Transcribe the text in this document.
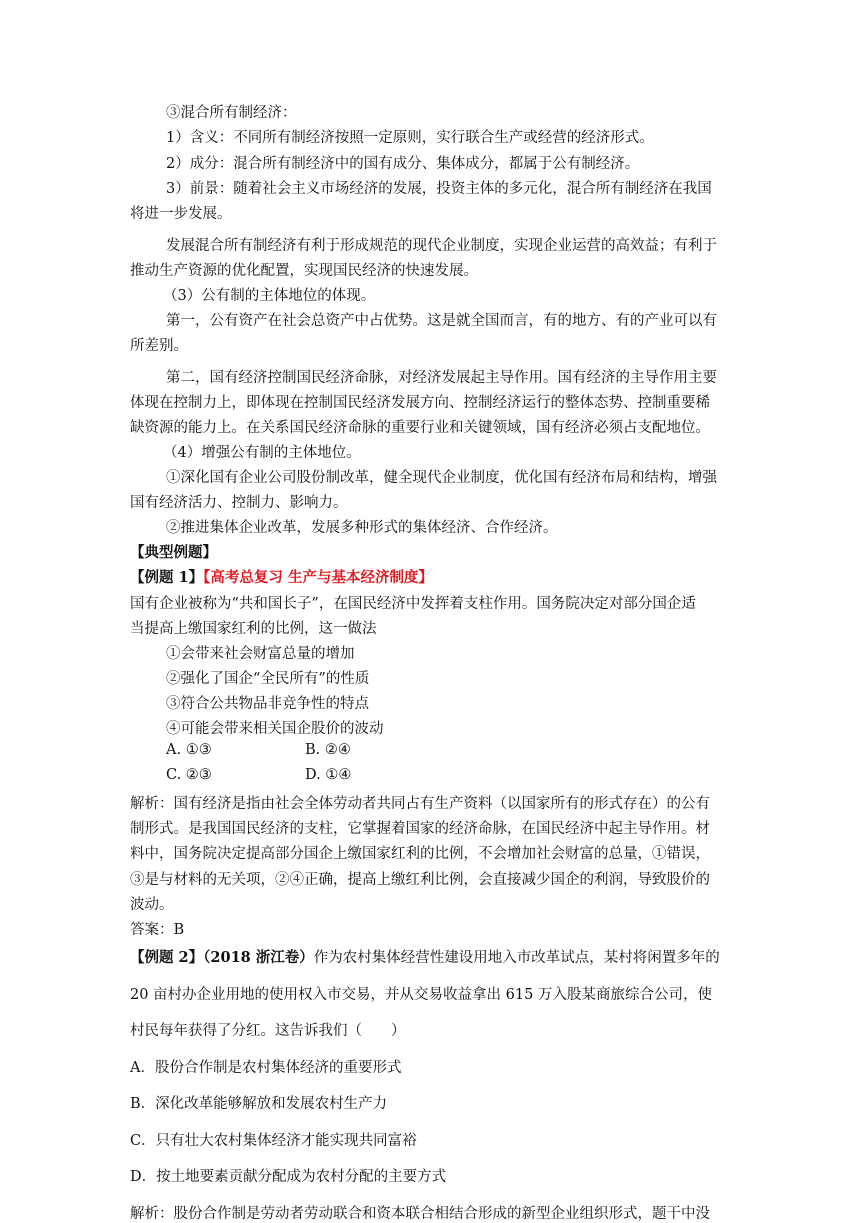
③混合所有制经济：
1）含义：不同所有制经济按照一定原则，实行联合生产或经营的经济形式。
2）成分：混合所有制经济中的国有成分、集体成分，都属于公有制经济。
3）前景：随着社会主义市场经济的发展，投资主体的多元化，混合所有制经济在我国
将进一步发展。
发展混合所有制经济有利于形成规范的现代企业制度，实现企业运营的高效益；有利于
推动生产资源的优化配置，实现国民经济的快速发展。
（3）公有制的主体地位的体现。
第一，公有资产在社会总资产中占优势。这是就全国而言，有的地方、有的产业可以有
所差别。
第二，国有经济控制国民经济命脉，对经济发展起主导作用。国有经济的主导作用主要
体现在控制力上，即体现在控制国民经济发展方向、控制经济运行的整体态势、控制重要稀
缺资源的能力上。在关系国民经济命脉的重要行业和关键领域，国有经济必须占支配地位。
（4）增强公有制的主体地位。
①深化国有企业公司股份制改革，健全现代企业制度，优化国有经济布局和结构，增强
国有经济活力、控制力、影响力。
②推进集体企业改革，发展多种形式的集体经济、合作经济。
【典型例题】
【例题 1】【高考总复习 生产与基本经济制度】
国有企业被称为“共和国长子”，在国民经济中发挥着支柱作用。国务院决定对部分国企适
当提高上缴国家红利的比例，这一做法
①会带来社会财富总量的增加
②强化了国企“全民所有”的性质
③符合公共物品非竞争性的特点
④可能会带来相关国企股价的波动
A. ①③	B. ②④
C. ②③	D. ①④
解析：国有经济是指由社会全体劳动者共同占有生产资料（以国家所有的形式存在）的公有
制形式。是我国国民经济的支柱，它掌握着国家的经济命脉，在国民经济中起主导作用。材
料中，国务院决定提高部分国企上缴国家红利的比例，不会增加社会财富的总量，①错误，
③是与材料的无关项，②④正确，提高上缴红利比例，会直接减少国企的利润，导致股价的
波动。
答案：B
【例题 2】（2018 浙江卷）作为农村集体经营性建设用地入市改革试点，某村将闲置多年的
20 亩村办企业用地的使用权入市交易，并从交易收益拿出 615 万入股某商旅综合公司，使
村民每年获得了分红。这告诉我们（　　）
A．股份合作制是农村集体经济的重要形式
B．深化改革能够解放和发展农村生产力
C．只有壮大农村集体经济才能实现共同富裕
D．按土地要素贡献分配成为农村分配的主要方式
解析：股份合作制是劳动者劳动联合和资本联合相结合形成的新型企业组织形式，题干中没
